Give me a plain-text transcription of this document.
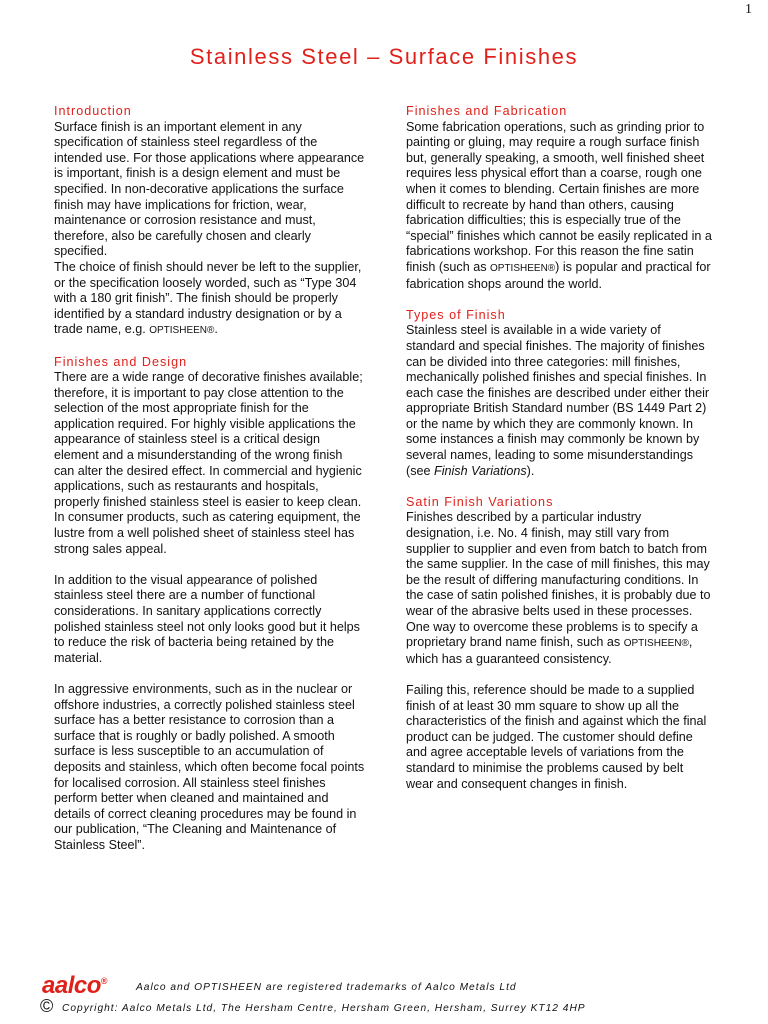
1
Stainless Steel – Surface Finishes

Introduction

Surface finish is an important element in any specification of stainless steel regardless of the intended use. For those applications where appearance is important, finish is a design element and must be specified. In non-decorative applications the surface finish may have implications for friction, wear, maintenance or corrosion resistance and must, therefore, also be carefully chosen and clearly specified.

The choice of finish should never be left to the supplier, or the specification loosely worded, such as “Type 304 with a 180 grit finish”. The finish should be properly identified by a standard industry designation or by a trade name, e.g. OPTISHEEN®.

Finishes and Design

There are a wide range of decorative finishes available; therefore, it is important to pay close attention to the selection of the most appropriate finish for the application required. For highly visible applications the appearance of stainless steel is a critical design element and a misunderstanding of the wrong finish can alter the desired effect. In commercial and hygienic applications, such as restaurants and hospitals, properly finished stainless steel is easier to keep clean. In consumer products, such as catering equipment, the lustre from a well polished sheet of stainless steel has strong sales appeal.

In addition to the visual appearance of polished stainless steel there are a number of functional considerations. In sanitary applications correctly polished stainless steel not only looks good but it helps to reduce the risk of bacteria being retained by the material.

In aggressive environments, such as in the nuclear or offshore industries, a correctly polished stainless steel surface has a better resistance to corrosion than a surface that is roughly or badly polished. A smooth surface is less susceptible to an accumulation of deposits and stainless, which often become focal points for localised corrosion. All stainless steel finishes perform better when cleaned and maintained and details of correct cleaning procedures may be found in our publication, “The Cleaning and Maintenance of Stainless Steel”.

Finishes and Fabrication

Some fabrication operations, such as grinding prior to painting or gluing, may require a rough surface finish but, generally speaking, a smooth, well finished sheet requires less physical effort than a coarse, rough one when it comes to blending. Certain finishes are more difficult to recreate by hand than others, causing fabrication difficulties; this is especially true of the “special” finishes which cannot be easily replicated in a fabrications workshop. For this reason the fine satin finish (such as OPTISHEEN®) is popular and practical for fabrication shops around the world.

Types of Finish

Stainless steel is available in a wide variety of standard and special finishes. The majority of finishes can be divided into three categories: mill finishes, mechanically polished finishes and special finishes. In each case the finishes are described under either their appropriate British Standard number (BS 1449 Part 2) or the name by which they are commonly known. In some instances a finish may commonly be known by several names, leading to some misunderstandings (see Finish Variations).

Satin Finish Variations

Finishes described by a particular industry designation, i.e. No. 4 finish, may still vary from supplier to supplier and even from batch to batch from the same supplier. In the case of mill finishes, this may be the result of differing manufacturing conditions. In the case of satin polished finishes, it is probably due to wear of the abrasive belts used in these processes. One way to overcome these problems is to specify a proprietary brand name finish, such as OPTISHEEN®, which has a guaranteed consistency.

Failing this, reference should be made to a supplied finish of at least 30 mm square to show up all the characteristics of the finish and against which the final product can be judged. The customer should define and agree acceptable levels of variations from the standard to minimise the problems caused by belt wear and consequent changes in finish.

aalco®
Aalco and OPTISHEEN are registered trademarks of Aalco Metals Ltd
© Copyright: Aalco Metals Ltd, The Hersham Centre, Hersham Green, Hersham, Surrey KT12 4HP
